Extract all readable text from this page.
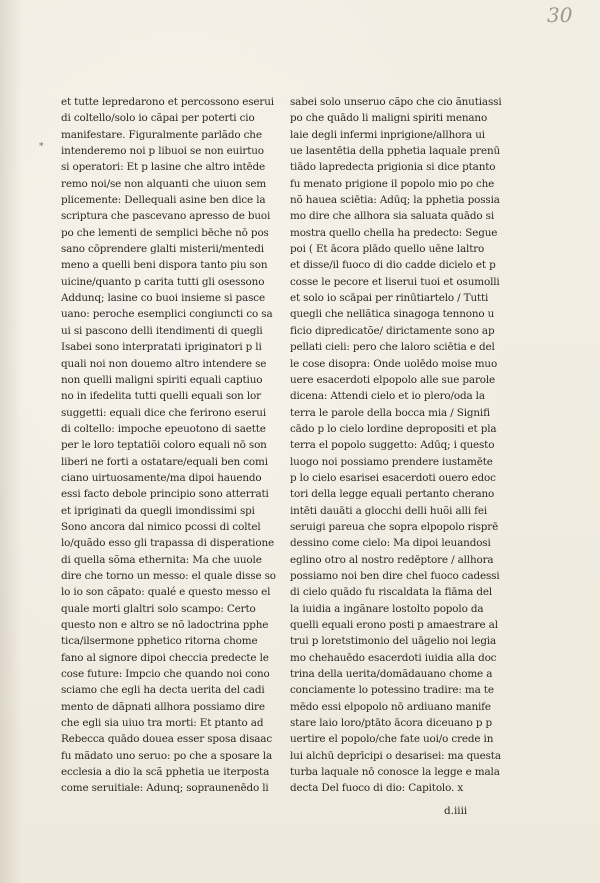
30
*
et tutte lepredarono et percossono eserui
di coltello/solo io cãpai per poterti cio
manifestare. Figuralmente parlãdo che
intenderemo noi p libuoi se non euirtuo
si operatori: Et p lasine che altro intēde
remo noi/se non alquanti che uiuon sem
plicemente: Dellequali asine ben dice la
scriptura che pascevano apresso de buoi
po che lementi de semplici bēche nō pos
sano cōprendere glalti misterii/mentedi
meno a quelli beni dispora tanto piu son
uicine/quanto p carita tutti gli osessono
Addunq; lasine co buoi insieme si pasce
uano: peroche esemplici congiuncti co sa
ui si pascono delli itendimenti di quegli
Isabei sono interpratati ipriginatori p li
quali noi non douemo altro intendere se
non quelli maligni spiriti equali captiuo
no in ifedelita tutti quelli equali son lor
suggetti: equali dice che ferirono eserui
di coltello: impoche epeuotono di saette
per le loro teptatiõi coloro equali nō son
liberi ne forti a ostatare/equali ben comi
ciano uirtuosamente/ma dipoi hauendo
essi facto debole principio sono atterrati
et ipriginati da quegli imondissimi spi
Sono ancora dal nimico pcossi di coltel
lo/quãdo esso gli trapassa di disperatione
di quella sõma ethernita: Ma che uuole
dire che torno un messo: el quale disse so
lo io son cãpato: qualé e questo messo el
quale morti glaltri solo scampo: Certo
questo non e altro se nõ ladoctrina pphe
tica/ilsermone pphetico ritorna chome
fano al signore dipoi checcia predecte le
cose future: Impcio che quando noi cono
sciamo che egli ha decta uerita del cadi
mento de dãpnati allhora possiamo dire
che egli sia uiuo tra morti: Et ptanto ad
Rebecca quādo douea esser sposa disaac
fu mãdato uno seruo: po che a sposare la
ecclesia a dio la scã pphetia ue iterposta
come seruitiale: Adunq; sopraunenēdo li
sabei solo unseruo cãpo che cio ãnutiassi
po che quādo li maligni spiriti menano
laie degli infermi inprigione/allhora ui
ue lasentētia della pphetia laquale prenū
tiādo lapredecta prigionia si dice ptanto
fu menato prigione il popolo mio po che
nõ hauea sciētia: Adūq; la pphetia possia
mo dire che allhora sia saluata quādo si
mostra quello chella ha predecto: Segue
poi ( Et ācora plādo quello uēne laltro
et disse/il fuoco di dio cadde dicielo et p
cosse le pecore et liserui tuoi et osumolli
et solo io scāpai per rinūtiartelo / Tutti
quegli che nellãtica sinagoga tennono u
ficio dipredicatõe/ dirictamente sono ap
pellati cieli: pero che laloro sciētia e del
le cose disopra: Onde uolēdo moise muo
uere esacerdoti elpopolo alle sue parole
dicena: Attendi cielo et io plero/oda la
terra le parole della bocca mia / Signifi
cādo p lo cielo lordine depropositi et pla
terra el popolo suggetto: Adūq; i questo
luogo noi possiamo prendere iustamēte
p lo cielo esarisei esacerdoti ouero edoc
tori della legge equali pertanto cherano
intēti dauāti a glocchi delli huõi alli fei
seruigi pareua che sopra elpopolo risprē
dessino come cielo: Ma dipoi leuandosi
eglino otro al nostro redēptore / allhora
possiamo noi ben dire chel fuoco cadessi
di cielo quādo fu riscaldata la fiāma del
la iuidia a ingãnare lostolto popolo da
quelli equali erono posti p amaestrare al
trui p loretstimonio del uāgelio noi legia
mo chehauēdo esacerdoti iuidia alla doc
trina della uerita/domãdauano chome a
conciamente lo potessino tradire: ma te
mēdo essi elpopolo nō ardiuano manife
stare laio loro/ptāto ācora diceuano p p
uertire el popolo/che fate uoi/o crede in
lui alchū deprīcipi o desarisei: ma questa
turba laquale nō conosce la legge e mala
decta Del fuoco di dio: Capitolo. x
d.iiii
